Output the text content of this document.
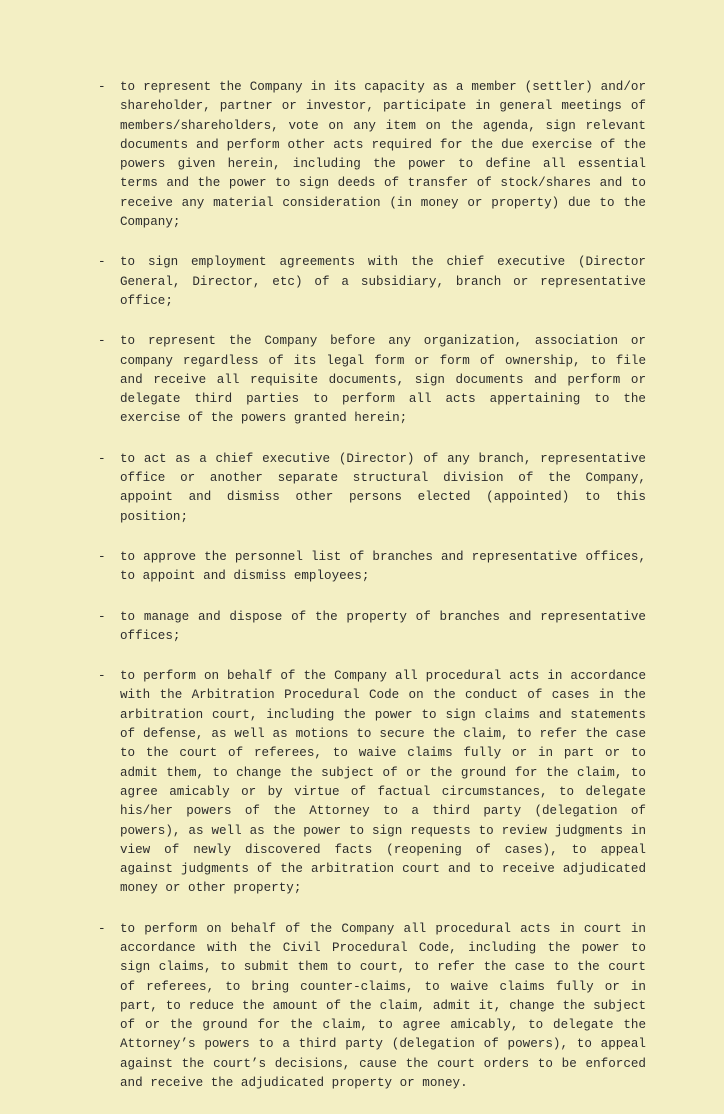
- to represent the Company in its capacity as a member (settler) and/or shareholder, partner or investor, participate in general meetings of members/shareholders, vote on any item on the agenda, sign relevant documents and perform other acts required for the due exercise of the powers given herein, including the power to define all essential terms and the power to sign deeds of transfer of stock/shares and to receive any material consideration (in money or property) due to the Company;
- to sign employment agreements with the chief executive (Director General, Director, etc) of a subsidiary, branch or representative office;
- to represent the Company before any organization, association or company regardless of its legal form or form of ownership, to file and receive all requisite documents, sign documents and perform or delegate third parties to perform all acts appertaining to the exercise of the powers granted herein;
- to act as a chief executive (Director) of any branch, representative office or another separate structural division of the Company, appoint and dismiss other persons elected (appointed) to this position;
- to approve the personnel list of branches and representative offices, to appoint and dismiss employees;
- to manage and dispose of the property of branches and representative offices;
- to perform on behalf of the Company all procedural acts in accordance with the Arbitration Procedural Code on the conduct of cases in the arbitration court, including the power to sign claims and statements of defense, as well as motions to secure the claim, to refer the case to the court of referees, to waive claims fully or in part or to admit them, to change the subject of or the ground for the claim, to agree amicably or by virtue of factual circumstances, to delegate his/her powers of the Attorney to a third party (delegation of powers), as well as the power to sign requests to review judgments in view of newly discovered facts (reopening of cases), to appeal against judgments of the arbitration court and to receive adjudicated money or other property;
- to perform on behalf of the Company all procedural acts in court in accordance with the Civil Procedural Code, including the power to sign claims, to submit them to court, to refer the case to the court of referees, to bring counter-claims, to waive claims fully or in part, to reduce the amount of the claim, admit it, change the subject of or the ground for the claim, to agree amicably, to delegate the Attorney’s powers to a third party (delegation of powers), to appeal against the court’s decisions, cause the court orders to be enforced and receive the adjudicated property or money.
